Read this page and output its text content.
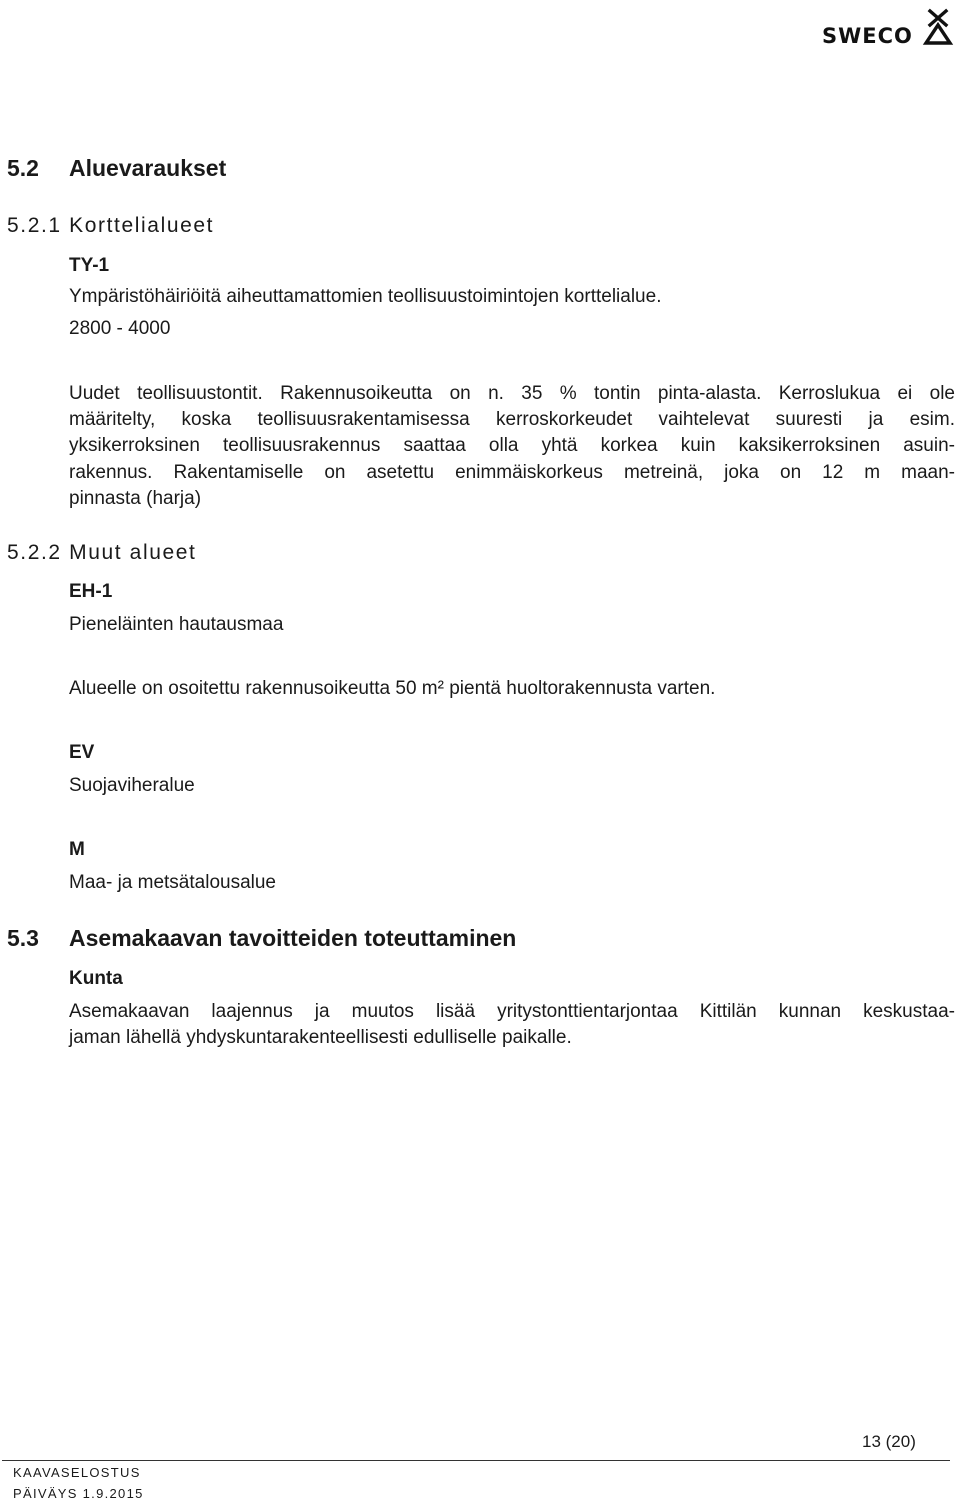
SWECO
5.2 Aluevaraukset
5.2.1 Korttelialueet
TY-1
Ympäristöhäiriöitä aiheuttamattomien teollisuustoimintojen korttelialue.
2800 - 4000
Uudet teollisuustontit. Rakennusoikeutta on n. 35 % tontin pinta-alasta. Kerroslukua ei ole
määritelty, koska teollisuusrakentamisessa kerroskorkeudet vaihtelevat suuresti ja esim.
yksikerroksinen teollisuusrakennus saattaa olla yhtä korkea kuin kaksikerroksinen asuin-
rakennus. Rakentamiselle on asetettu enimmäiskorkeus metreinä, joka on 12 m maan-
pinnasta (harja)
5.2.2 Muut alueet
EH-1
Pieneläinten hautausmaa
Alueelle on osoitettu rakennusoikeutta 50 m² pientä huoltorakennusta varten.
EV
Suojaviheralue
M
Maa- ja metsätalousalue
5.3 Asemakaavan tavoitteiden toteuttaminen
Kunta
Asemakaavan laajennus ja muutos lisää yritystonttientarjontaa Kittilän kunnan keskustaa-
jaman lähellä yhdyskuntarakenteellisesti edulliselle paikalle.
13 (20)
KAAVASELOSTUS
PÄIVÄYS 1.9.2015
